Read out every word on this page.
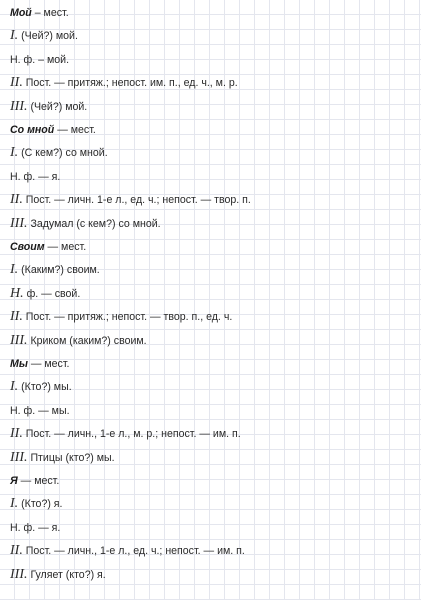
Мой – мест.
I. (Чей?) мой.
Н. ф. – мой.
II. Пост. — притяж.; непост. им. п., ед. ч., м. р.
III. (Чей?) мой.
Со мной — мест.
I. (С кем?) со мной.
Н. ф. — я.
II. Пост. — личн. 1-е л., ед. ч.; непост. — твор. п.
III. Задумал (с кем?) со мной.
Своим — мест.
I. (Каким?) своим.
Н. ф. — свой.
II. Пост. — притяж.; непост. — твор. п., ед. ч.
III. Криком (каким?) своим.
Мы — мест.
I. (Кто?) мы.
Н. ф. — мы.
II. Пост. — личн., 1-е л., м. р.; непост. — им. п.
III. Птицы (кто?) мы.
Я — мест.
I. (Кто?) я.
Н. ф. — я.
II. Пост. — личн., 1-е л., ед. ч.; непост. — им. п.
III. Гуляет (кто?) я.
